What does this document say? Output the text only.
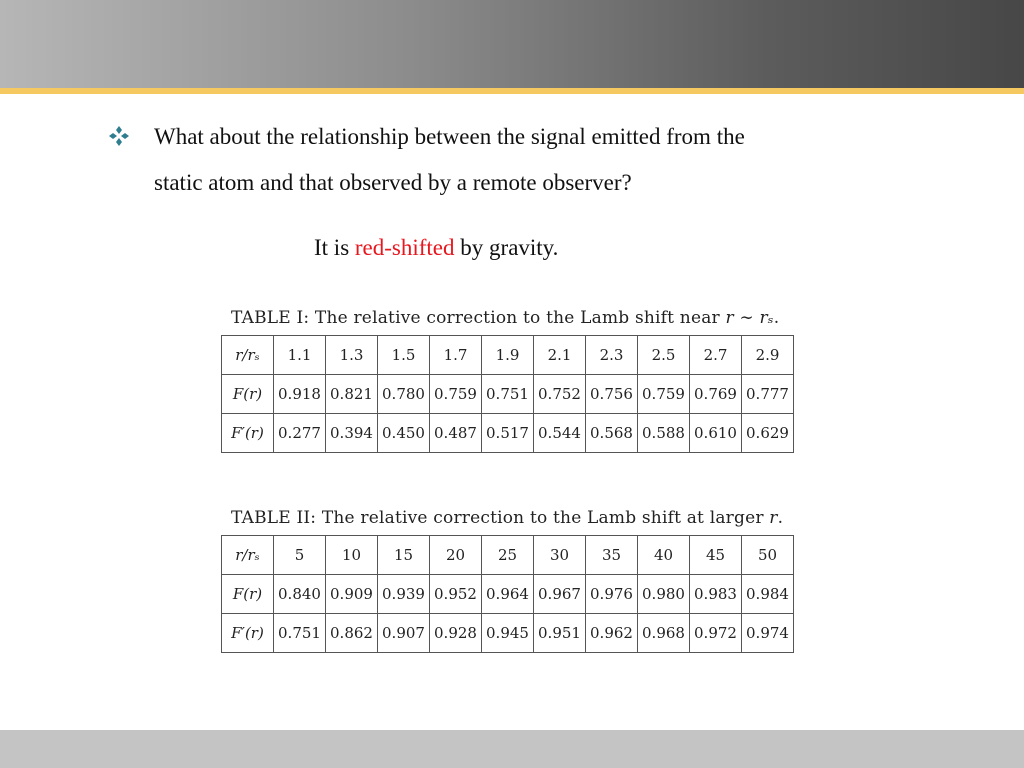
What about the relationship between the signal emitted from the
static atom and that observed by a remote observer?
It is red-shifted by gravity.
TABLE I: The relative correction to the Lamb shift near r ∼ rₛ.
r/rₛ	1.1	1.3	1.5	1.7	1.9	2.1	2.3	2.5	2.7	2.9
F(r)	0.918	0.821	0.780	0.759	0.751	0.752	0.756	0.759	0.769	0.777
F′(r)	0.277	0.394	0.450	0.487	0.517	0.544	0.568	0.588	0.610	0.629
TABLE II: The relative correction to the Lamb shift at larger r.
r/rₛ	5	10	15	20	25	30	35	40	45	50
F(r)	0.840	0.909	0.939	0.952	0.964	0.967	0.976	0.980	0.983	0.984
F′(r)	0.751	0.862	0.907	0.928	0.945	0.951	0.962	0.968	0.972	0.974
